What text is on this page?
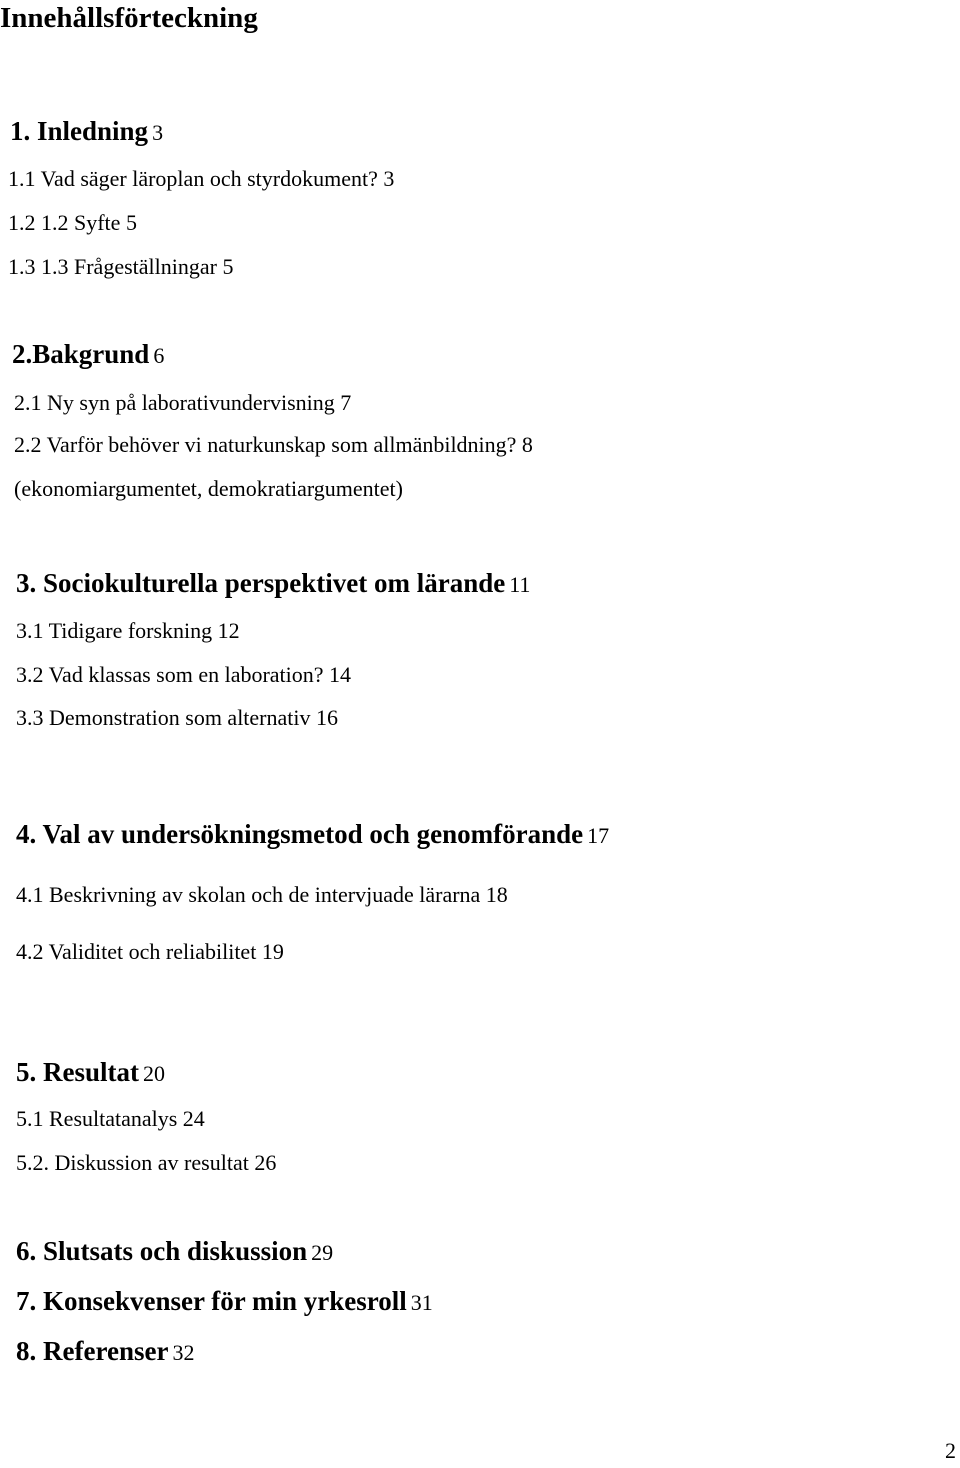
Innehållsförteckning
1. Inledning 3
1.1 Vad säger läroplan och styrdokument? 3
1.2 1.2 Syfte 5
1.3 1.3 Frågeställningar 5
2.Bakgrund 6
2.1 Ny syn på laborativundervisning 7
2.2 Varför behöver vi naturkunskap som allmänbildning? 8
(ekonomiargumentet, demokratiargumentet)
3. Sociokulturella perspektivet om lärande 11
3.1 Tidigare forskning 12
3.2 Vad klassas som en laboration? 14
3.3 Demonstration som alternativ 16
4. Val av undersökningsmetod och genomförande 17
4.1 Beskrivning av skolan och de intervjuade lärarna 18
4.2 Validitet och reliabilitet 19
5. Resultat 20
5.1 Resultatanalys 24
5.2. Diskussion av resultat 26
6. Slutsats och diskussion 29
7. Konsekvenser för min yrkesroll 31
8. Referenser 32
2
